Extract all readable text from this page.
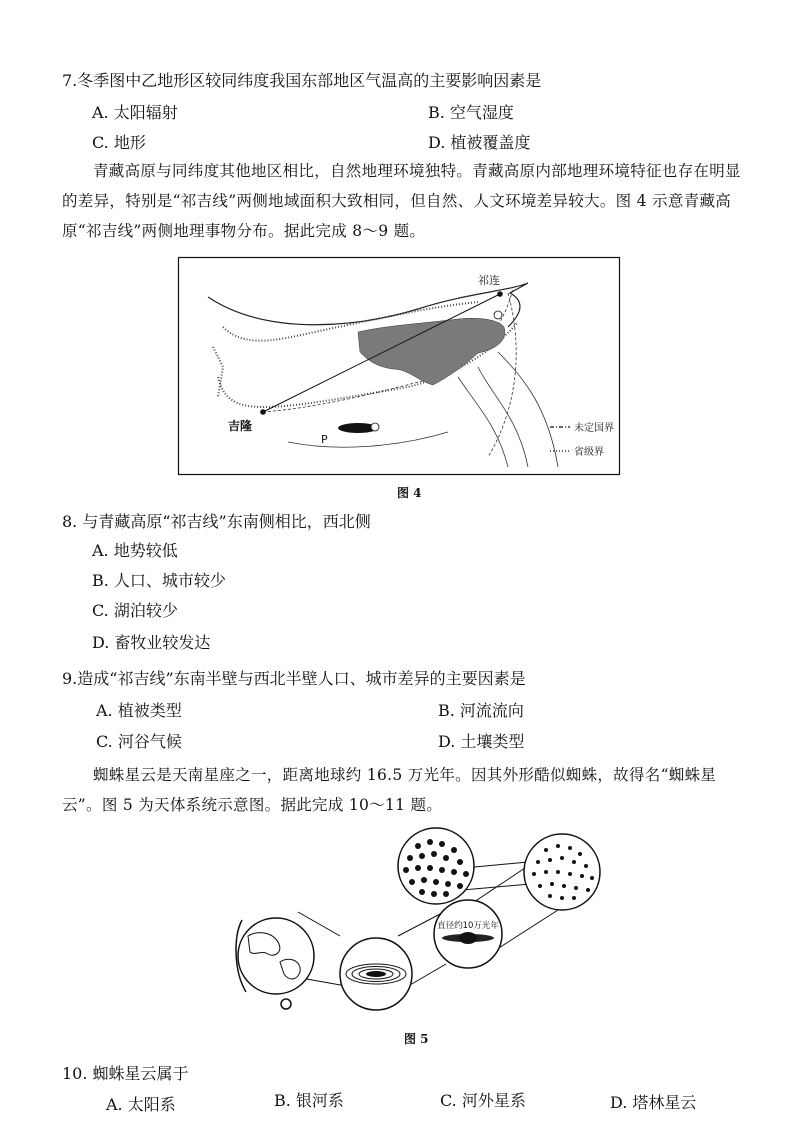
7.冬季图中乙地形区较同纬度我国东部地区气温高的主要影响因素是
A. 太阳辐射	B. 空气湿度
C. 地形	D. 植被覆盖度
青藏高原与同纬度其他地区相比，自然地理环境独特。青藏高原内部地理环境特征也存在明显的差异，特别是“祁吉线”两侧地域面积大致相同，但自然、人文环境差异较大。图 4 示意青藏高原“祁吉线”两侧地理事物分布。据此完成 8～9 题。
祁连
吉隆
P
未定国界
省级界
图 4
8. 与青藏高原“祁吉线”东南侧相比，西北侧
A. 地势较低
B. 人口、城市较少
C. 湖泊较少
D. 畜牧业较发达
9.造成“祁吉线”东南半壁与西北半壁人口、城市差异的主要因素是
A. 植被类型	B. 河流流向
C. 河谷气候	D. 土壤类型
蜘蛛星云是天南星座之一，距离地球约 16.5 万光年。因其外形酷似蜘蛛，故得名“蜘蛛星云”。图 5 为天体系统示意图。据此完成 10～11 题。
直径约10万光年
图 5
10. 蜘蛛星云属于
A. 太阳系	B. 银河系	C. 河外星系	D. 塔林星云
